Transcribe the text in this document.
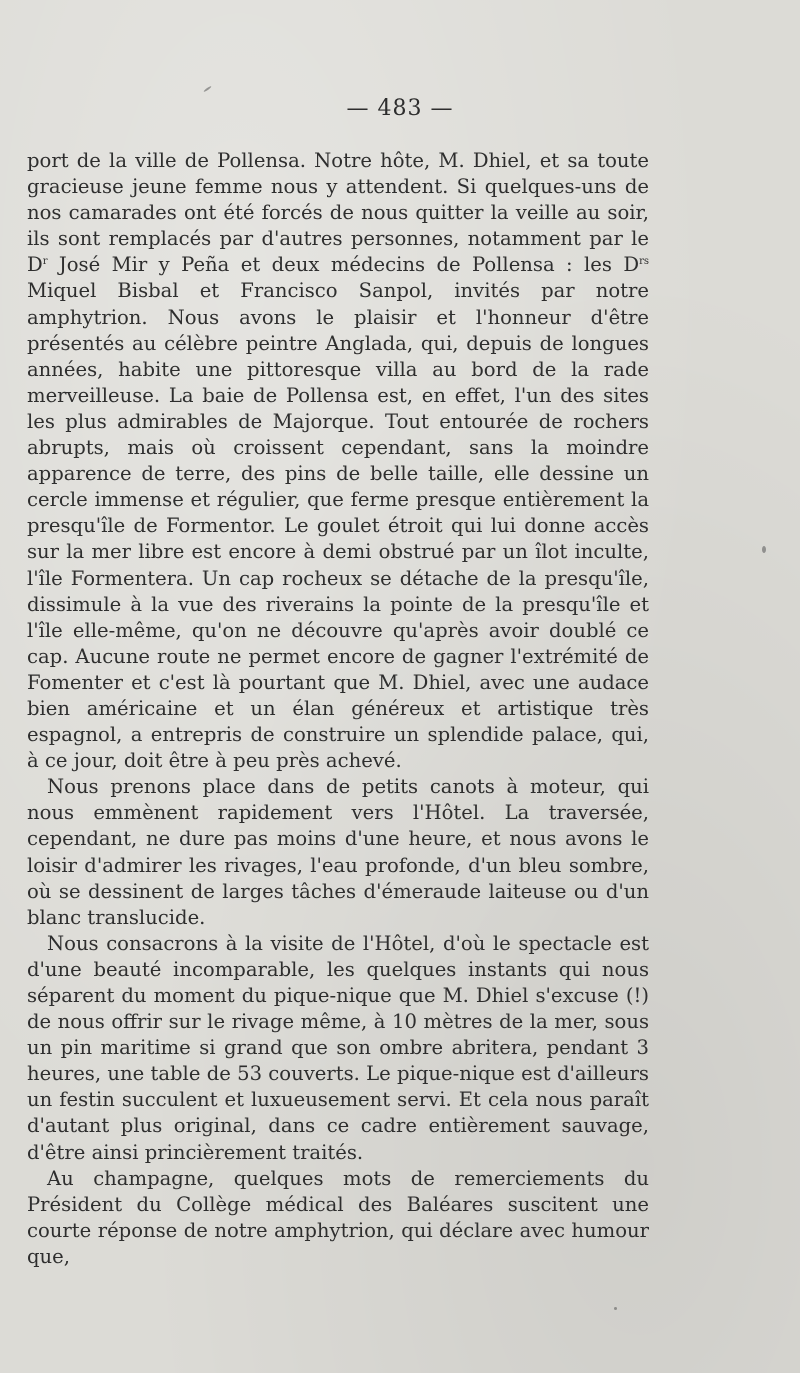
— 483 —

port de la ville de Pollensa. Notre hôte, M. Dhiel, et sa toute gracieuse jeune femme nous y attendent. Si quelques-uns de nos camarades ont été forcés de nous quitter la veille au soir, ils sont remplacés par d'autres personnes, notamment par le $D^r$ José Mir y Peña et deux médecins de Pollensa : les $D^{rs}$ Miquel Bisbal et Francisco Sanpol, invités par notre amphytrion. Nous avons le plaisir et l'honneur d'être présentés au célèbre peintre Anglada, qui, depuis de longues années, habite une pittoresque villa au bord de la rade merveilleuse. La baie de Pollensa est, en effet, l'un des sites les plus admirables de Majorque. Tout entourée de rochers abrupts, mais où croissent cependant, sans la moindre apparence de terre, des pins de belle taille, elle dessine un cercle immense et régulier, que ferme presque entièrement la presqu'île de Formentor. Le goulet étroit qui lui donne accès sur la mer libre est encore à demi obstrué par un îlot inculte, l'île Formentera. Un cap rocheux se détache de la presqu'île, dissimule à la vue des riverains la pointe de la presqu'île et l'île elle-même, qu'on ne découvre qu'après avoir doublé ce cap. Aucune route ne permet encore de gagner l'extrémité de Fomenter et c'est là pourtant que M. Dhiel, avec une audace bien américaine et un élan généreux et artistique très espagnol, a entrepris de construire un splendide palace, qui, à ce jour, doit être à peu près achevé.

Nous prenons place dans de petits canots à moteur, qui nous emmènent rapidement vers l'Hôtel. La traversée, cependant, ne dure pas moins d'une heure, et nous avons le loisir d'admirer les rivages, l'eau profonde, d'un bleu sombre, où se dessinent de larges tâches d'émeraude laiteuse ou d'un blanc translucide.

Nous consacrons à la visite de l'Hôtel, d'où le spectacle est d'une beauté incomparable, les quelques instants qui nous séparent du moment du pique-nique que M. Dhiel s'excuse (!) de nous offrir sur le rivage même, à 10 mètres de la mer, sous un pin maritime si grand que son ombre abritera, pendant 3 heures, une table de 53 couverts. Le pique-nique est d'ailleurs un festin succulent et luxueusement servi. Et cela nous paraît d'autant plus original, dans ce cadre entièrement sauvage, d'être ainsi princièrement traités.

Au champagne, quelques mots de remerciements du Président du Collège médical des Baléares suscitent une courte réponse de notre amphytrion, qui déclare avec humour que,
